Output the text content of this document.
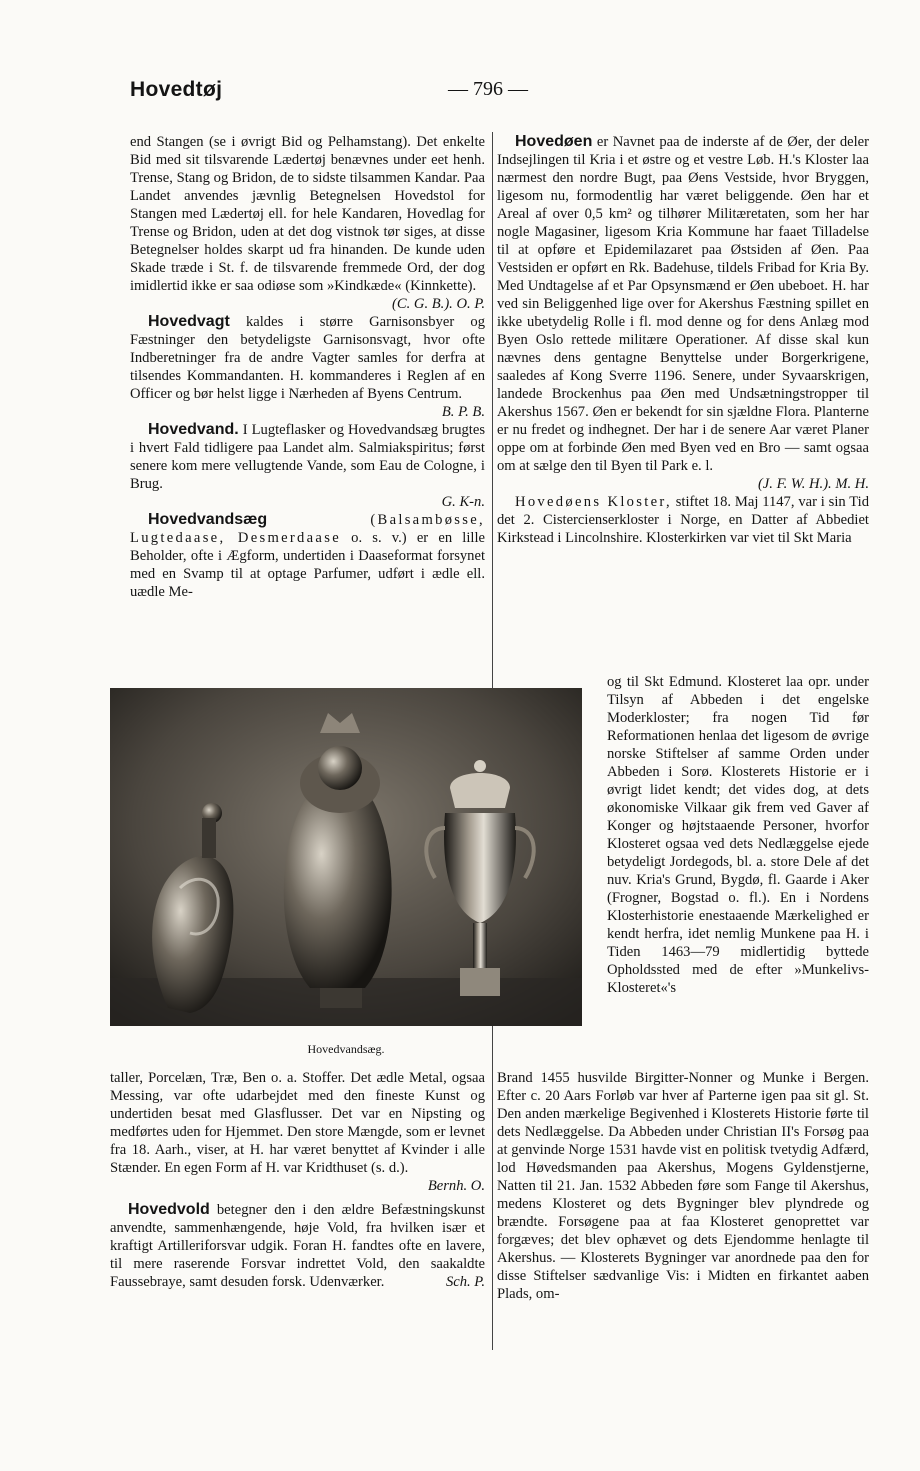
Hovedtøj	— 796 —

end Stangen (se i øvrigt Bid og Pelhamstang). Det enkelte Bid med sit tilsvarende Lædertøj benævnes under eet henh. Trense, Stang og Bridon, de to sidste tilsammen Kandar. Paa Landet anvendes jævnlig Betegnelsen Hovedstol for Stangen med Lædertøj ell. for hele Kandaren, Hovedlag for Trense og Bridon, uden at det dog vistnok tør siges, at disse Betegnelser holdes skarpt ud fra hinanden. De kunde uden Skade træde i St. f. de tilsvarende fremmede Ord, der dog imidlertid ikke er saa odiøse som »Kindkæde« (Kinnkette).

(C. G. B.). O. P.

Hovedvagt kaldes i større Garnisonsbyer og Fæstninger den betydeligste Garnisonsvagt, hvor ofte Indberetninger fra de andre Vagter samles for derfra at tilsendes Kommandanten. H. kommanderes i Reglen af en Officer og bør helst ligge i Nærheden af Byens Centrum.

B. P. B.

Hovedvand. I Lugteflasker og Hovedvandsæg brugtes i hvert Fald tidligere paa Landet alm. Salmiakspiritus; først senere kom mere vellugtende Vande, som Eau de Cologne, i Brug.

G. K-n.

Hovedvandsæg	(Balsambøsse, Lugtedaase, Desmerdaase o. s. v.) er en lille Beholder, ofte i Ægform, undertiden i Daaseformat forsynet med en Svamp til at optage Parfumer, udført i ædle ell. uædle Me-

Hovedvandsæg.

taller, Porcelæn, Træ, Ben o. a. Stoffer. Det ædle Metal, ogsaa Messing, var ofte udarbejdet med den fineste Kunst og undertiden besat med Glasflusser. Det var en Nipsting og medførtes uden for Hjemmet. Den store Mængde, som er levnet fra 18. Aarh., viser, at H. har været benyttet af Kvinder i alle Stænder. En egen Form af H. var Kridthuset (s. d.).

Bernh. O.

Hovedvold betegner den i den ældre Befæstningskunst anvendte, sammenhængende, høje Vold, fra hvilken især et kraftigt Artilleriforsvar udgik. Foran H. fandtes ofte en lavere, til mere raserende Forsvar indrettet Vold, den saakaldte Faussebraye, samt desuden forsk. Udenværker.	Sch. P.

Hovedøen er Navnet paa de inderste af de Øer, der deler Indsejlingen til Kria i et østre og et vestre Løb. H.'s Kloster laa nærmest den nordre Bugt, paa Øens Vestside, hvor Bryggen, ligesom nu, formodentlig har været beliggende. Øen har et Areal af over 0,5 km² og tilhører Militæretaten, som her har nogle Magasiner, ligesom Kria Kommune har faaet Tilladelse til at opføre et Epidemilazaret paa Østsiden af Øen. Paa Vestsiden er opført en Rk. Badehuse, tildels Fribad for Kria By. Med Undtagelse af et Par Opsynsmænd er Øen ubeboet. H. har ved sin Beliggenhed lige over for Akershus Fæstning spillet en ikke ubetydelig Rolle i fl. mod denne og for dens Anlæg mod Byen Oslo rettede militære Operationer. Af disse skal kun nævnes dens gentagne Benyttelse under Borgerkrigene, saaledes af Kong Sverre 1196. Senere, under Syvaarskrigen, landede Brockenhus paa Øen med Undsætningstropper til Akershus 1567. Øen er bekendt for sin sjældne Flora. Planterne er nu fredet og indhegnet. Der har i de senere Aar været Planer oppe om at forbinde Øen med Byen ved en Bro — samt ogsaa om at sælge den til Byen til Park e. l.

(J. F. W. H.). M. H.

Hovedøens Kloster, stiftet 18. Maj 1147, var i sin Tid det 2. Cistercienserkloster i Norge, en Datter af Abbediet Kirkstead i Lincolnshire. Klosterkirken var viet til Skt Maria

og til Skt Edmund. Klosteret laa opr. under Tilsyn af Abbeden i det engelske Moderkloster; fra nogen Tid før Reformationen henlaa det ligesom de øvrige norske Stiftelser af samme Orden under Abbeden i Sorø. Klosterets Historie er i øvrigt lidet kendt; det vides dog, at dets økonomiske Vilkaar gik frem ved Gaver af Konger og højtstaaende Personer, hvorfor Klosteret ogsaa ved dets Nedlæggelse ejede betydeligt Jordegods, bl. a. store Dele af det nuv. Kria's Grund, Bygdø, fl. Gaarde i Aker (Frogner, Bogstad o. fl.). En i Nordens Klosterhistorie enestaaende Mærkelighed er kendt herfra, idet nemlig Munkene paa H. i Tiden 1463—79 midlertidig byttede Opholdssted med de efter »Munkelivs-Klosteret«'s

Brand 1455 husvilde Birgitter-Nonner og Munke i Bergen. Efter c. 20 Aars Forløb var hver af Parterne igen paa sit gl. St. Den anden mærkelige Begivenhed i Klosterets Historie førte til dets Nedlæggelse. Da Abbeden under Christian II's Forsøg paa at genvinde Norge 1531 havde vist en politisk tvetydig Adfærd, lod Høvedsmanden paa Akershus, Mogens Gyldenstjerne, Natten til 21. Jan. 1532 Abbeden føre som Fange til Akershus, medens Klosteret og dets Bygninger blev plyndrede og brændte. Forsøgene paa at faa Klosteret genoprettet var forgæves; det blev ophævet og dets Ejendomme henlagte til Akershus. — Klosterets Bygninger var anordnede paa den for disse Stiftelser sædvanlige Vis: i Midten en firkantet aaben Plads, om-
